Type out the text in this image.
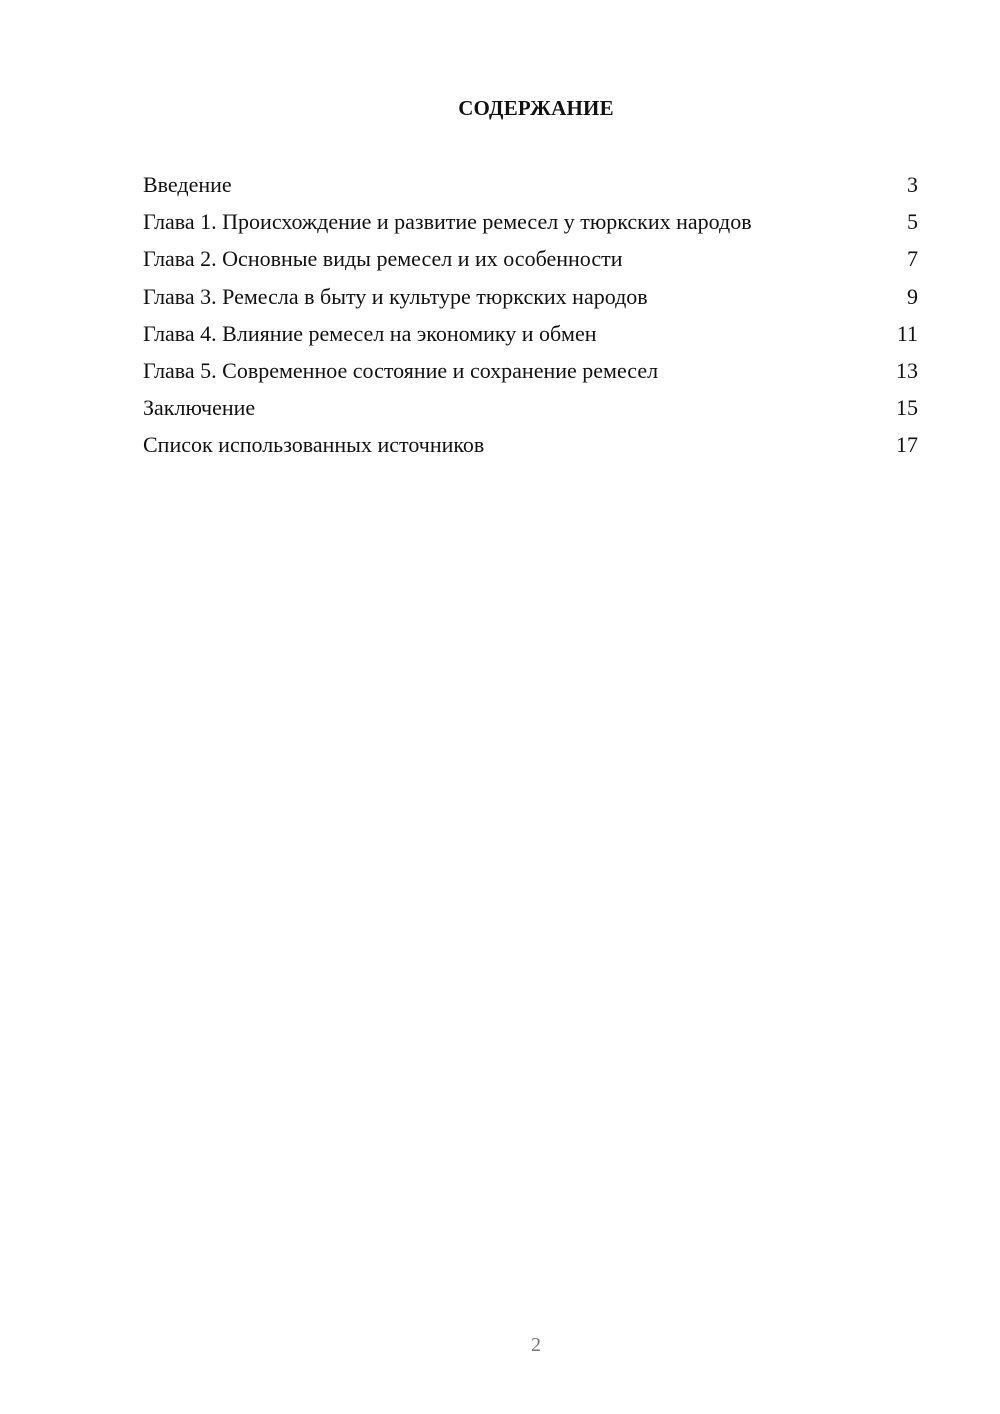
СОДЕРЖАНИЕ
Введение	3
Глава 1. Происхождение и развитие ремесел у тюркских народов	5
Глава 2. Основные виды ремесел и их особенности	7
Глава 3. Ремесла в быту и культуре тюркских народов	9
Глава 4. Влияние ремесел на экономику и обмен	11
Глава 5. Современное состояние и сохранение ремесел	13
Заключение	15
Список использованных источников	17
2
